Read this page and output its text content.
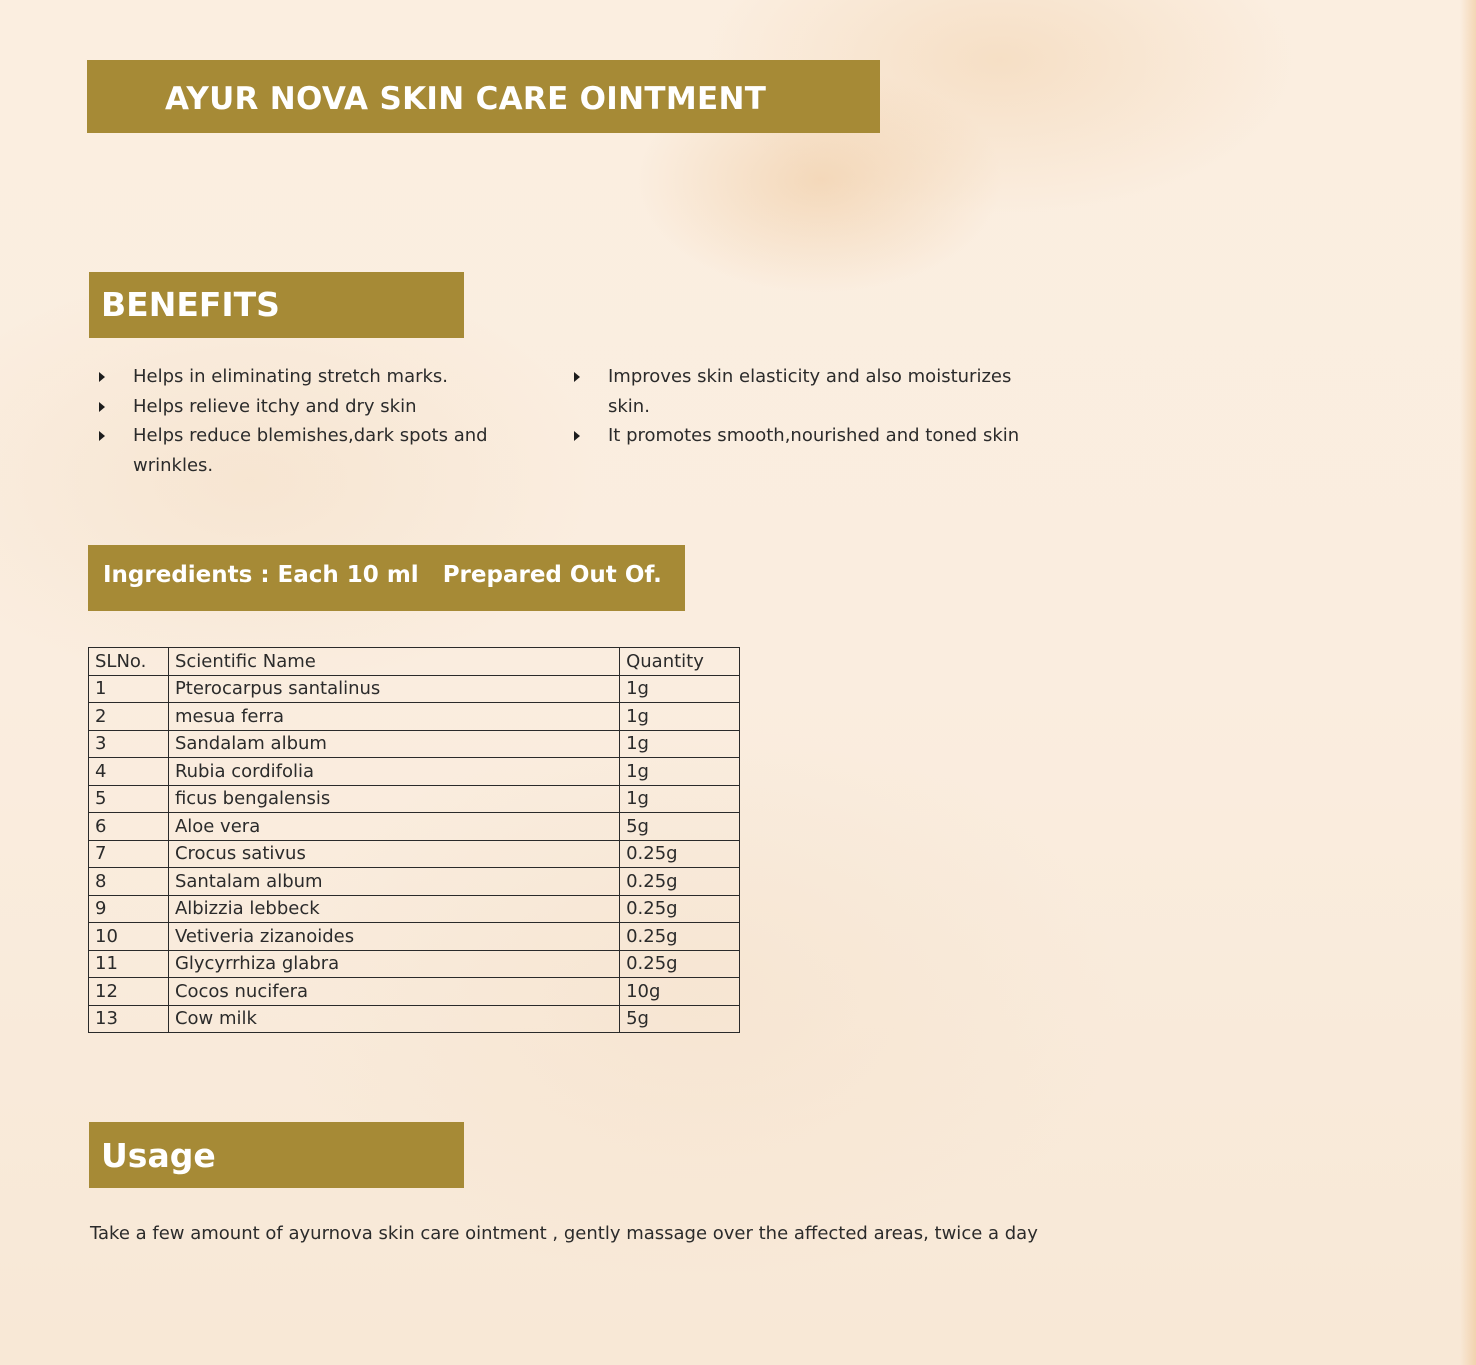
AYUR NOVA SKIN CARE OINTMENT
BENEFITS
Helps in eliminating stretch marks.
Helps relieve itchy and dry skin
Helps reduce blemishes,dark spots and wrinkles.
Improves skin elasticity and also moisturizes skin.
It promotes smooth,nourished and toned skin
Ingredients : Each 10 ml   Prepared Out Of.
SLNo.	Scientific Name	Quantity
1	Pterocarpus santalinus	1g
2	mesua ferra	1g
3	Sandalam album	1g
4	Rubia cordifolia	1g
5	ficus bengalensis	1g
6	Aloe vera	5g
7	Crocus sativus	0.25g
8	Santalam album	0.25g
9	Albizzia lebbeck	0.25g
10	Vetiveria zizanoides	0.25g
11	Glycyrrhiza glabra	0.25g
12	Cocos nucifera	10g
13	Cow milk	5g
Usage
Take a few amount of ayurnova skin care ointment , gently massage over the affected areas, twice a day
